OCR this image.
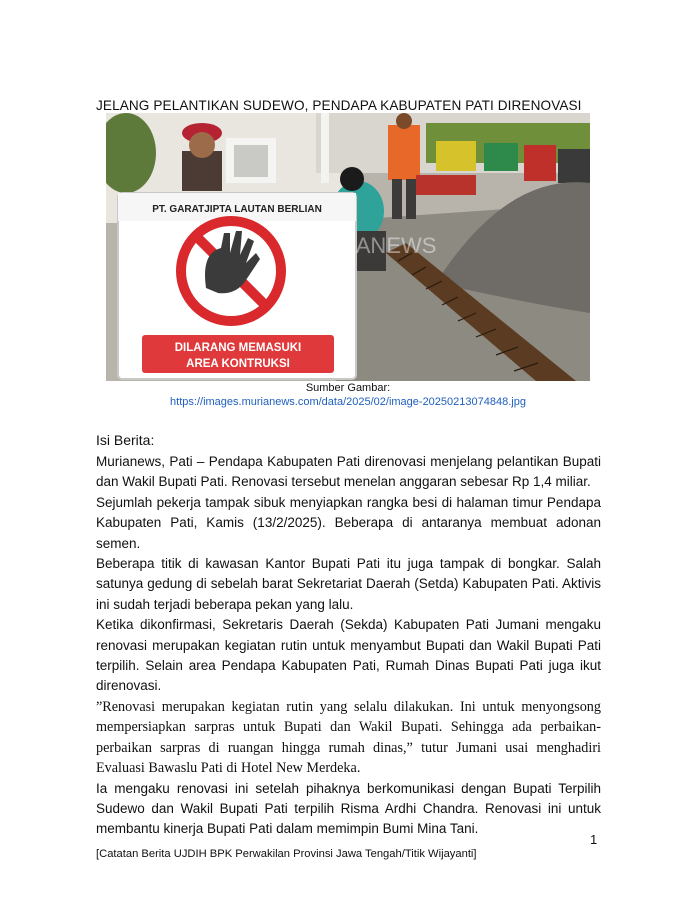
JELANG PELANTIKAN SUDEWO, PENDAPA KABUPATEN PATI DIRENOVASI
PT. GARATJIPTA LAUTAN BERLIAN
DILARANG MEMASUKI
AREA KONTRUKSI
MURIANEWS
Sumber Gambar:
https://images.murianews.com/data/2025/02/image-20250213074848.jpg
Isi Berita:

Murianews, Pati – Pendapa Kabupaten Pati direnovasi menjelang pelantikan Bupati dan Wakil Bupati Pati. Renovasi tersebut menelan anggaran sebesar Rp 1,4 miliar.

Sejumlah pekerja tampak sibuk menyiapkan rangka besi di halaman timur Pendapa Kabupaten Pati, Kamis (13/2/2025). Beberapa di antaranya membuat adonan semen.

Beberapa titik di kawasan Kantor Bupati Pati itu juga tampak di bongkar. Salah satunya gedung di sebelah barat Sekretariat Daerah (Setda) Kabupaten Pati. Aktivis ini sudah terjadi beberapa pekan yang lalu.

Ketika dikonfirmasi, Sekretaris Daerah (Sekda) Kabupaten Pati Jumani mengaku renovasi merupakan kegiatan rutin untuk menyambut Bupati dan Wakil Bupati Pati terpilih. Selain area Pendapa Kabupaten Pati, Rumah Dinas Bupati Pati juga ikut direnovasi.

”Renovasi merupakan kegiatan rutin yang selalu dilakukan. Ini untuk menyongsong mempersiapkan sarpras untuk Bupati dan Wakil Bupati. Sehingga ada perbaikan-perbaikan sarpras di ruangan hingga rumah dinas,” tutur Jumani usai menghadiri Evaluasi Bawaslu Pati di Hotel New Merdeka.

Ia mengaku renovasi ini setelah pihaknya berkomunikasi dengan Bupati Terpilih Sudewo dan Wakil Bupati Pati terpilih Risma Ardhi Chandra. Renovasi ini untuk membantu kinerja Bupati Pati dalam memimpin Bumi Mina Tani.

1
[Catatan Berita UJDIH BPK Perwakilan Provinsi Jawa Tengah/Titik Wijayanti]
